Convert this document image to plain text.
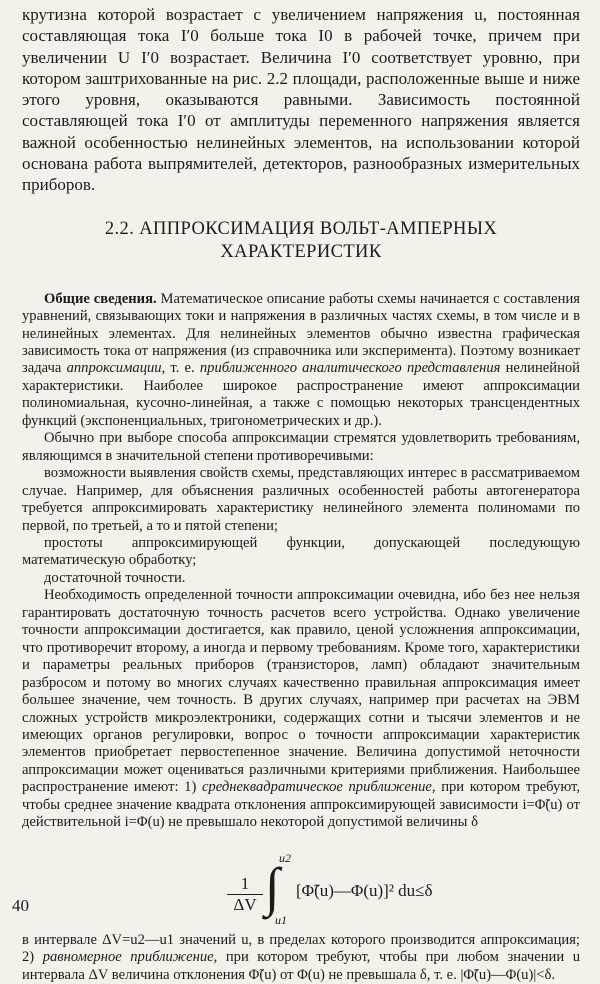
крутизна которой возрастает с увеличением напряжения u, постоянная составляющая тока I′0 больше тока I0 в рабочей точке, причем при увеличении U I′0 возрастает. Величина I′0 соответствует уровню, при котором заштрихованные на рис. 2.2 площади, расположенные выше и ниже этого уровня, оказываются равными. Зависимость постоянной составляющей тока I′0 от амплитуды переменного напряжения является важной особенностью нелинейных элементов, на использовании которой основана работа выпрямителей, детекторов, разнообразных измерительных приборов.

2.2. АППРОКСИМАЦИЯ ВОЛЬТ-АМПЕРНЫХ
ХАРАКТЕРИСТИК

Общие сведения. Математическое описание работы схемы начинается с составления уравнений, связывающих токи и напряжения в различных частях схемы, в том числе и в нелинейных элементах. Для нелинейных элементов обычно известна графическая зависимость тока от напряжения (из справочника или эксперимента). Поэтому возникает задача аппроксимации, т. е. приближенного аналитического представления нелинейной характеристики. Наиболее широкое распространение имеют аппроксимации полиномиальная, кусочно-линейная, а также с помощью некоторых трансцендентных функций (экспоненциальных, тригонометрических и др.).

Обычно при выборе способа аппроксимации стремятся удовлетворить требованиям, являющимся в значительной степени противоречивыми:

возможности выявления свойств схемы, представляющих интерес в рассматриваемом случае. Например, для объяснения различных особенностей работы автогенератора требуется аппроксимировать характеристику нелинейного элемента полиномами по первой, по третьей, а то и пятой степени;

простоты аппроксимирующей функции, допускающей последующую математическую обработку;

достаточной точности.

Необходимость определенной точности аппроксимации очевидна, ибо без нее нельзя гарантировать достаточную точность расчетов всего устройства. Однако увеличение точности аппроксимации достигается, как правило, ценой усложнения аппроксимации, что противоречит второму, а иногда и первому требованиям. Кроме того, характеристики и параметры реальных приборов (транзисторов, ламп) обладают значительным разбросом и потому во многих случаях качественно правильная аппроксимация имеет большее значение, чем точность. В других случаях, например при расчетах на ЭВМ сложных устройств микроэлектроники, содержащих сотни и тысячи элементов и не имеющих органов регулировки, вопрос о точности аппроксимации характеристик элементов приобретает первостепенное значение. Величина допустимой неточности аппроксимации может оцениваться различными критериями приближения. Наибольшее распространение имеют: 1) среднеквадратическое приближение, при котором требуют, чтобы среднее значение квадрата отклонения аппроксимирующей зависимости i=Φ̃(u) от действительной i=Φ(u) не превышало некоторой допустимой величины δ

$\frac{1}{\Delta V}$ ∫ u2
u1
[Φ̃(u)—Φ(u)]² du≤δ

в интервале ΔV=u2—u1 значений u, в пределах которого производится аппроксимация; 2) равномерное приближение, при котором требуют, чтобы при любом значении u интервала ΔV величина отклонения Φ̃(u) от Φ(u) не превышала δ, т. е. |Φ̃(u)—Φ(u)|<δ.

40
